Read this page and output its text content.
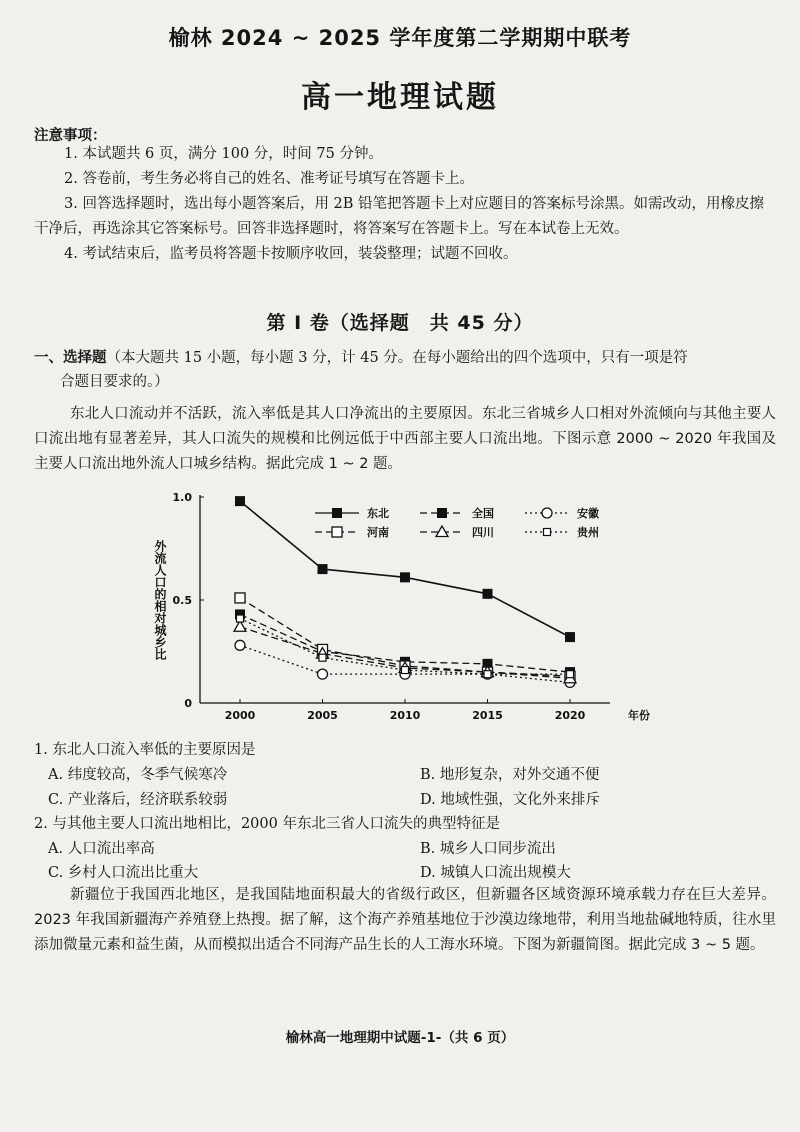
榆林 2024 ~ 2025 学年度第二学期期中联考
高一地理试题
注意事项：

1. 本试题共 6 页，满分 100 分，时间 75 分钟。

2. 答卷前，考生务必将自己的姓名、准考证号填写在答题卡上。

3. 回答选择题时，选出每小题答案后，用 2B 铅笔把答题卡上对应题目的答案标号涂黑。如需改动，用橡皮擦干净后，再选涂其它答案标号。回答非选择题时，将答案写在答题卡上。写在本试卷上无效。

4. 考试结束后，监考员将答题卡按顺序收回，装袋整理；试题不回收。

第 Ⅰ 卷（选择题　共 45 分）
一、选择题（本大题共 15 小题，每小题 3 分，计 45 分。在每小题给出的四个选项中，只有一项是符
合题目要求的。）

东北人口流动并不活跃，流入率低是其人口净流出的主要原因。东北三省城乡人口相对外流倾向与其他主要人口流出地有显著差异，其人口流失的规模和比例远低于中西部主要人口流出地。下图示意 2000 ~ 2020 年我国及主要人口流出地外流人口城乡结构。据此完成 1 ~ 2 题。

0
0.5
1.0
2000	2005	2010	2015	2020	年份
外流人口的相对城乡比
东北	全国	安徽
河南	四川	贵州
1. 东北人口流入率低的主要原因是
A. 纬度较高，冬季气候寒冷	B. 地形复杂，对外交通不便
C. 产业落后，经济联系较弱	D. 地域性强，文化外来排斥
2. 与其他主要人口流出地相比，2000 年东北三省人口流失的典型特征是
A. 人口流出率高	B. 城乡人口同步流出
C. 乡村人口流出比重大	D. 城镇人口流出规模大

新疆位于我国西北地区，是我国陆地面积最大的省级行政区，但新疆各区域资源环境承载力存在巨大差异。2023 年我国新疆海产养殖登上热搜。据了解，这个海产养殖基地位于沙漠边缘地带，利用当地盐碱地特质，往水里添加微量元素和益生菌，从而模拟出适合不同海产品生长的人工海水环境。下图为新疆简图。据此完成 3 ~ 5 题。

榆林高一地理期中试题-1-（共 6 页）
